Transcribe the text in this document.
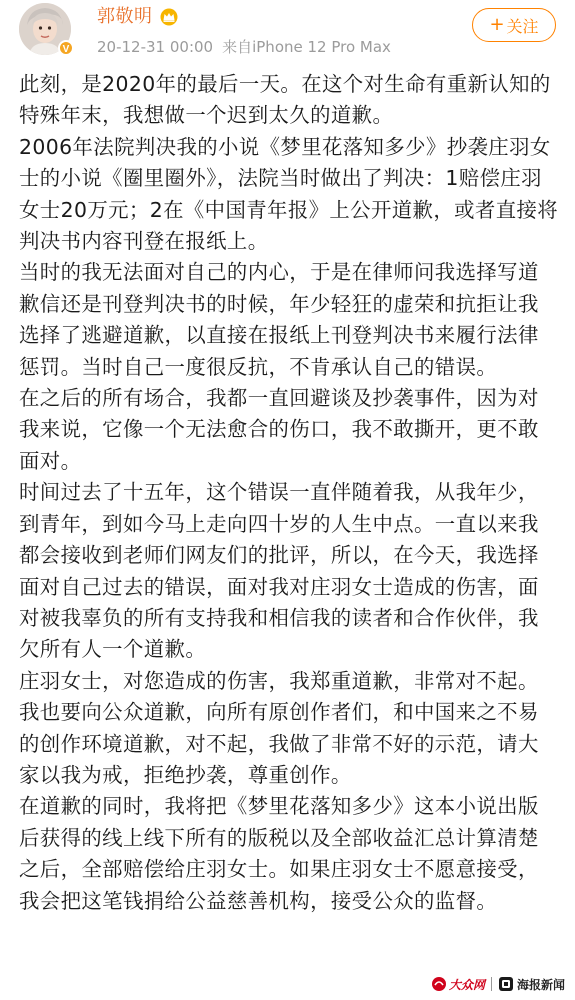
V
郭敬明
20-12-31 00:00 来自iPhone 12 Pro Max
+ 关注

此刻，是2020年的最后一天。在这个对生命有重新认知的特殊年末，我想做一个迟到太久的道歉。

2006年法院判决我的小说《梦里花落知多少》抄袭庄羽女士的小说《圈里圈外》，法院当时做出了判决：1赔偿庄羽女士20万元；2在《中国青年报》上公开道歉，或者直接将判决书内容刊登在报纸上。

当时的我无法面对自己的内心，于是在律师问我选择写道歉信还是刊登判决书的时候，年少轻狂的虚荣和抗拒让我选择了逃避道歉，以直接在报纸上刊登判决书来履行法律惩罚。当时自己一度很反抗，不肯承认自己的错误。

在之后的所有场合，我都一直回避谈及抄袭事件，因为对我来说，它像一个无法愈合的伤口，我不敢撕开，更不敢面对。

时间过去了十五年，这个错误一直伴随着我，从我年少，到青年，到如今马上走向四十岁的人生中点。一直以来我都会接收到老师们网友们的批评，所以，在今天，我选择面对自己过去的错误，面对我对庄羽女士造成的伤害，面对被我辜负的所有支持我和相信我的读者和合作伙伴，我欠所有人一个道歉。

庄羽女士，对您造成的伤害，我郑重道歉，非常对不起。我也要向公众道歉，向所有原创作者们，和中国来之不易的创作环境道歉，对不起，我做了非常不好的示范，请大家以我为戒，拒绝抄袭，尊重创作。

在道歉的同时，我将把《梦里花落知多少》这本小说出版后获得的线上线下所有的版税以及全部收益汇总计算清楚之后，全部赔偿给庄羽女士。如果庄羽女士不愿意接受，我会把这笔钱捐给公益慈善机构，接受公众的监督。

大众网	海报新闻
